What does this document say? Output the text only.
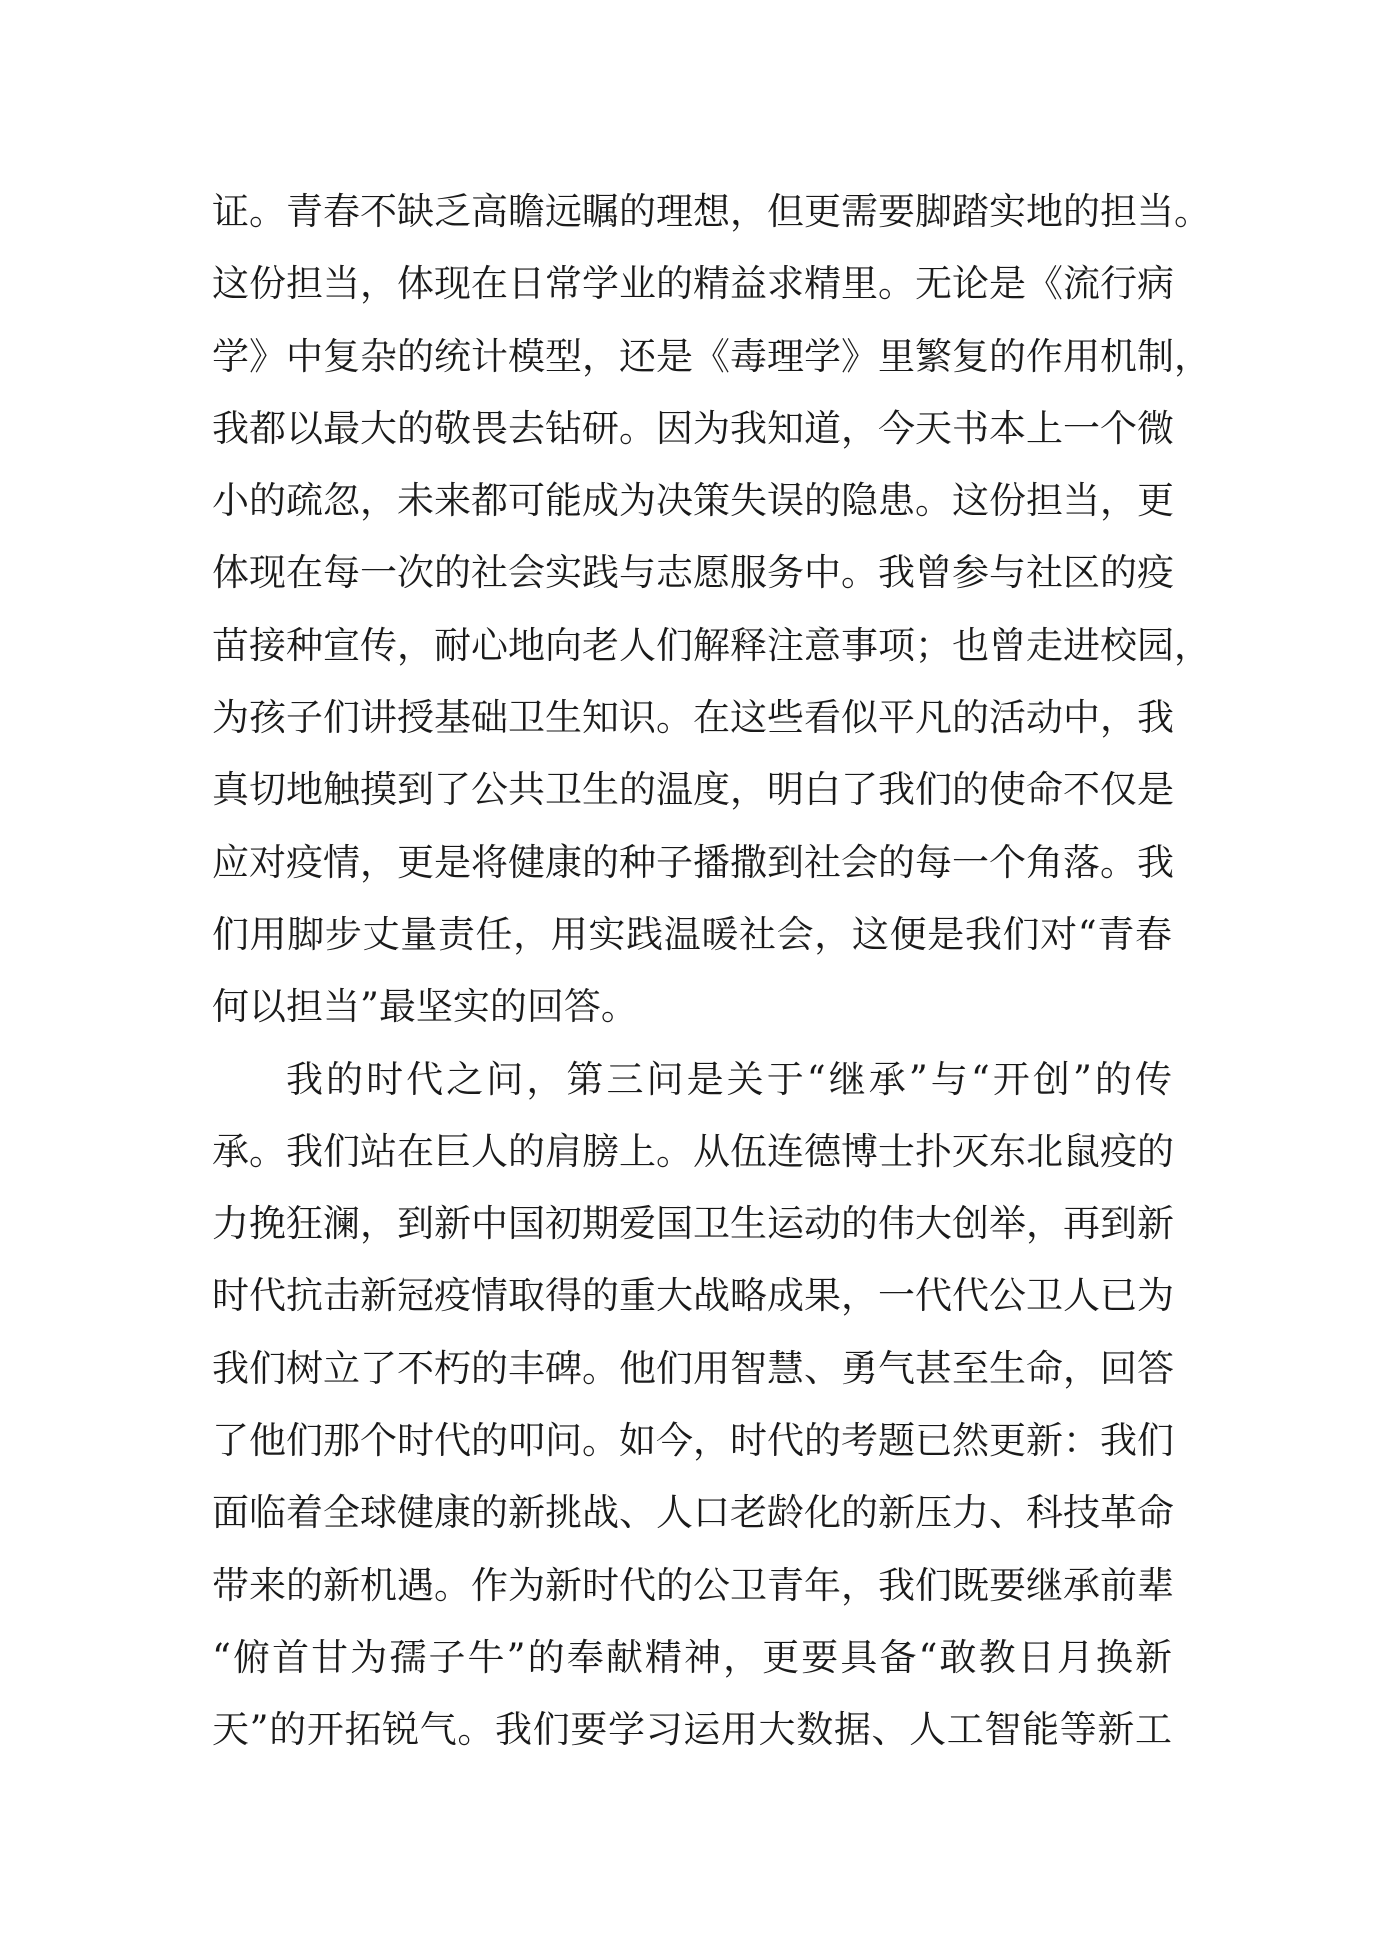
证。青春不缺乏高瞻远瞩的理想，但更需要脚踏实地的担当。
这份担当，体现在日常学业的精益求精里。无论是《流行病
学》中复杂的统计模型，还是《毒理学》里繁复的作用机制，
我都以最大的敬畏去钻研。因为我知道，今天书本上一个微
小的疏忽，未来都可能成为决策失误的隐患。这份担当，更
体现在每一次的社会实践与志愿服务中。我曾参与社区的疫
苗接种宣传，耐心地向老人们解释注意事项；也曾走进校园，
为孩子们讲授基础卫生知识。在这些看似平凡的活动中，我
真切地触摸到了公共卫生的温度，明白了我们的使命不仅是
应对疫情，更是将健康的种子播撒到社会的每一个角落。我
们用脚步丈量责任，用实践温暖社会，这便是我们对“青春
何以担当”最坚实的回答。
我的时代之问，第三问是关于“继承”与“开创”的传
承。我们站在巨人的肩膀上。从伍连德博士扑灭东北鼠疫的
力挽狂澜，到新中国初期爱国卫生运动的伟大创举，再到新
时代抗击新冠疫情取得的重大战略成果，一代代公卫人已为
我们树立了不朽的丰碑。他们用智慧、勇气甚至生命，回答
了他们那个时代的叩问。如今，时代的考题已然更新：我们
面临着全球健康的新挑战、人口老龄化的新压力、科技革命
带来的新机遇。作为新时代的公卫青年，我们既要继承前辈
“俯首甘为孺子牛”的奉献精神，更要具备“敢教日月换新
天”的开拓锐气。我们要学习运用大数据、人工智能等新工
